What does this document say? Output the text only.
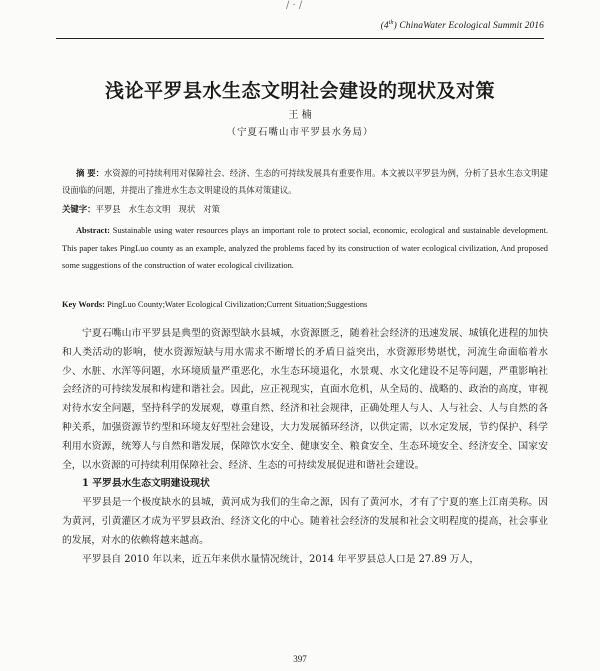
/ · /
(4th) ChinaWater Ecological Summit 2016
浅论平罗县水生态文明社会建设的现状及对策
王 楠
（宁夏石嘴山市平罗县水务局）
摘 要：水资源的可持续利用对保障社会、经济、生态的可持续发展具有重要作用。本文被以平罗县为例，分析了县水生态文明建设面临的问题，并提出了推进水生态文明建设的具体对策建议。
关键字：平罗县 水生态文明 现状 对策
Abstract: Sustainable using water resources plays an important role to protect social, economic, ecological and sustainable development. This paper takes PingLuo county as an example, analyzed the problems faced by its construction of water ecological civilization, And proposed some suggestions of the construction of water ecological civilization.
Key Words: PingLuo County;Water Ecological Civilization;Current Situation;Suggestions

宁夏石嘴山市平罗县是典型的资源型缺水县城，水资源匮乏，随着社会经济的迅速发展、城镇化进程的加快和人类活动的影响，使水资源短缺与用水需求不断增长的矛盾日益突出，水资源形势堪忧，河流生命面临着水少、水脏、水浑等问题，水环境质量严重恶化，水生态环境退化，水景观、水文化建设不足等问题，严重影响社会经济的可持续发展和构建和谐社会。因此，应正视现实，直面水危机，从全局的、战略的、政治的高度，审视对待水安全问题，坚持科学的发展观，尊重自然、经济和社会规律，正确处理人与人、人与社会、人与自然的各种关系，加强资源节约型和环境友好型社会建设，大力发展循环经济，以供定需，以水定发展，节约保护、科学利用水资源，统筹人与自然和谐发展，保障饮水安全、健康安全、粮食安全、生态环境安全、经济安全、国家安全，以水资源的可持续利用保障社会、经济、生态的可持续发展促进和谐社会建设。

1 平罗县水生态文明建设现状

平罗县是一个极度缺水的县城，黄河成为我们的生命之源，因有了黄河水，才有了宁夏的塞上江南美称。因为黄河，引黄灌区才成为平罗县政治、经济文化的中心。随着社会经济的发展和社会文明程度的提高，社会事业的发展，对水的依赖将越来越高。

平罗县自 2010 年以来，近五年来供水量情况统计，2014 年平罗县总人口是 27.89 万人，

397
